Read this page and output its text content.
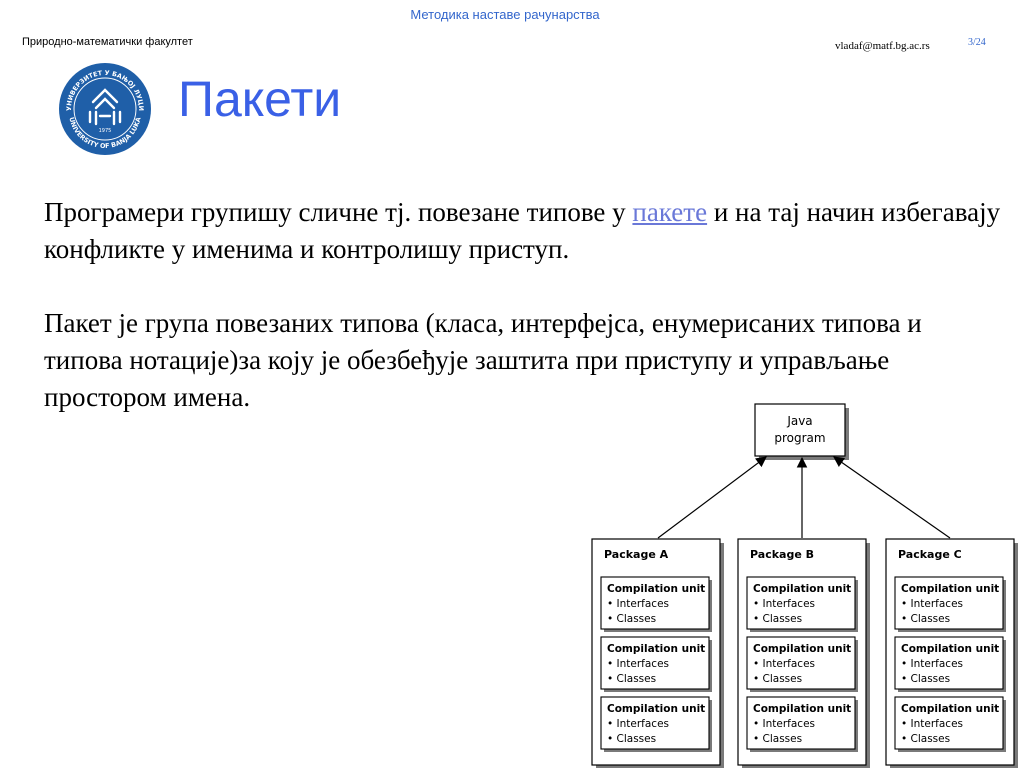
Методика наставе рачунарства
Природно-математички факултет	vladaf@matf.bg.ac.rs	3/24
УНИВЕРЗИТЕТ У БАЊОЈ ЛУЦИ
UNIVERSITY OF BANJA LUKA
1975
Пакети

Програмери групишу сличне тј. повезане типове у пакете и на тај начин избегавају конфликте у именима и контролишу приступ.

Пакет је група повезаних типова (класа, интерфејса, енумерисаних типова и типова нотације)за коју је обезбеђује заштита при приступу и управљање простором имена.

Java
program
Package A
Compilation unit
• Interfaces
• Classes
Compilation unit
• Interfaces
• Classes
Compilation unit
• Interfaces
• Classes
Package B
Compilation unit
• Interfaces
• Classes
Compilation unit
• Interfaces
• Classes
Compilation unit
• Interfaces
• Classes
Package C
Compilation unit
• Interfaces
• Classes
Compilation unit
• Interfaces
• Classes
Compilation unit
• Interfaces
• Classes
